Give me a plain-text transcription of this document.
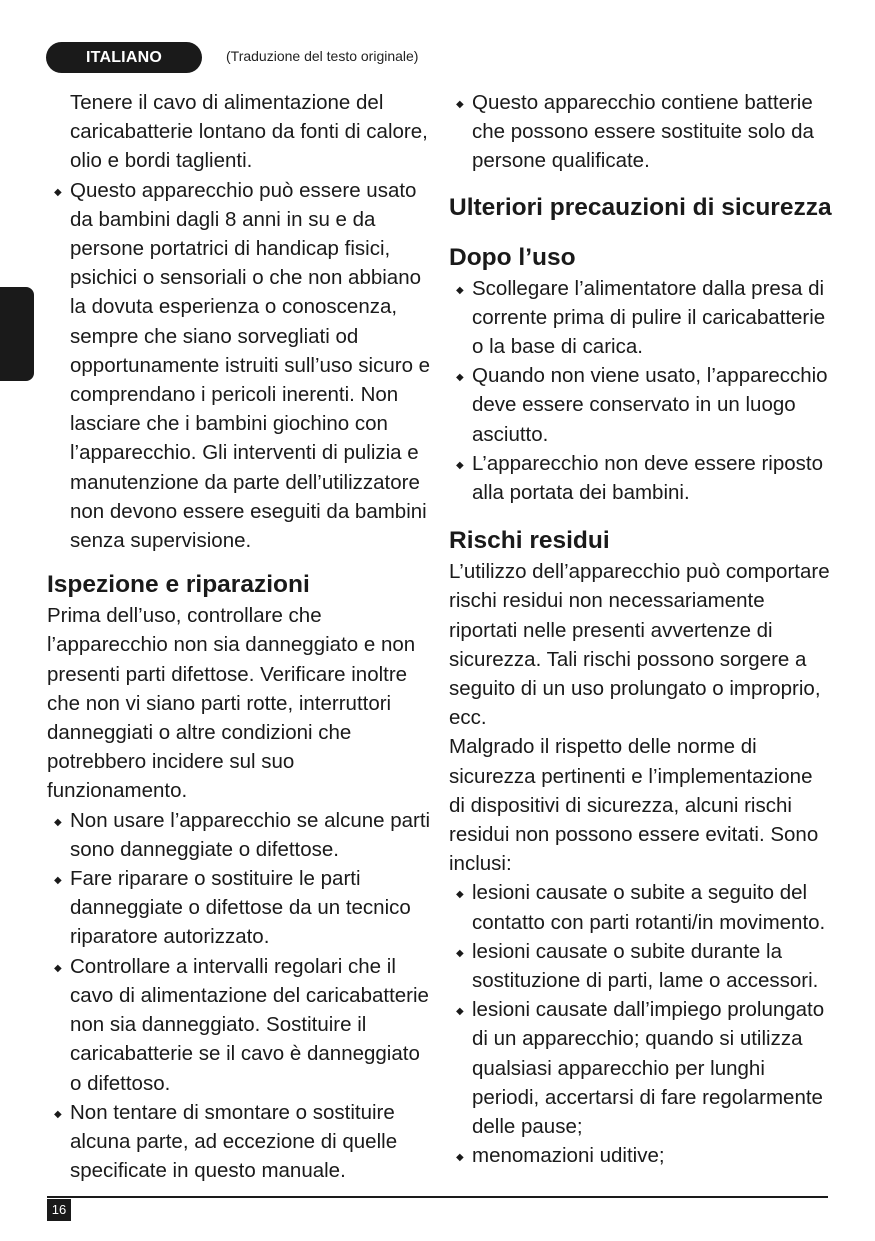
ITALIANO	(Traduzione del testo originale)

Tenere il cavo di alimentazione del caricabatterie lontano da fonti di calore, olio e bordi taglienti.

◆ Questo apparecchio può essere usato da bambini dagli 8 anni in su e da persone portatrici di handicap fisici, psichici o sensoriali o che non abbiano la dovuta esperienza o conoscenza, sempre che siano sorvegliati od opportunamente istruiti sull’uso sicuro e comprendano i pericoli inerenti. Non lasciare che i bambini giochino con l’apparecchio. Gli interventi di pulizia e manutenzione da parte dell’utilizzatore non devono essere eseguiti da bambini senza supervisione.
Ispezione e riparazioni

Prima dell’uso, controllare che l’apparecchio non sia danneggiato e non presenti parti difettose. Verificare inoltre che non vi siano parti rotte, interruttori danneggiati o altre condizioni che potrebbero incidere sul suo funzionamento.

◆ Non usare l’apparecchio se alcune parti sono danneggiate o difettose.
◆ Fare riparare o sostituire le parti danneggiate o difettose da un tecnico riparatore autorizzato.
◆ Controllare a intervalli regolari che il cavo di alimentazione del caricabatterie non sia danneggiato. Sostituire il caricabatterie se il cavo è danneggiato o difettoso.
◆ Non tentare di smontare o sostituire alcuna parte, ad eccezione di quelle specificate in questo manuale.
◆ Questo apparecchio contiene batterie che possono essere sostituite solo da persone qualificate.
Ulteriori precauzioni di sicurezza
Dopo l’uso
◆ Scollegare l’alimentatore dalla presa di corrente prima di pulire il caricabatterie o la base di carica.
◆ Quando non viene usato, l’apparecchio deve essere conservato in un luogo asciutto.
◆ L’apparecchio non deve essere riposto alla portata dei bambini.
Rischi residui

L’utilizzo dell’apparecchio può comportare rischi residui non necessariamente riportati nelle presenti avvertenze di sicurezza. Tali rischi possono sorgere a seguito di un uso prolungato o improprio, ecc.

Malgrado il rispetto delle norme di sicurezza pertinenti e l’implementazione di dispositivi di sicurezza, alcuni rischi residui non possono essere evitati. Sono inclusi:

◆ lesioni causate o subite a seguito del contatto con parti rotanti/in movimento.
◆ lesioni causate o subite durante la sostituzione di parti, lame o accessori.
◆ lesioni causate dall’impiego prolungato di un apparecchio; quando si utilizza qualsiasi apparecchio per lunghi periodi, accertarsi di fare regolarmente delle pause;
◆ menomazioni uditive;
16
